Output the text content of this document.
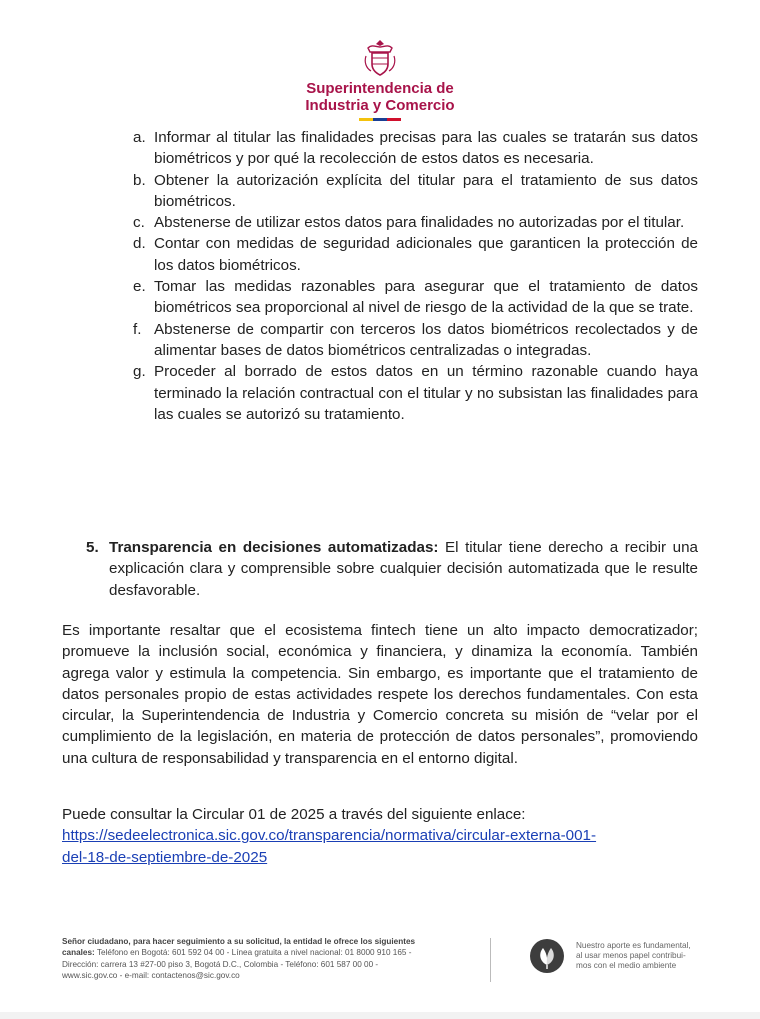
Superintendencia de
Industria y Comercio
a. Informar al titular las finalidades precisas para las cuales se tratarán sus datos biométricos y por qué la recolección de estos datos es necesaria.
b. Obtener la autorización explícita del titular para el tratamiento de sus datos biométricos.
c. Abstenerse de utilizar estos datos para finalidades no autorizadas por el titular.
d. Contar con medidas de seguridad adicionales que garanticen la protección de los datos biométricos.
e. Tomar las medidas razonables para asegurar que el tratamiento de datos biométricos sea proporcional al nivel de riesgo de la actividad de la que se trate.
f. Abstenerse de compartir con terceros los datos biométricos recolectados y de alimentar bases de datos biométricos centralizadas o integradas.
g. Proceder al borrado de estos datos en un término razonable cuando haya terminado la relación contractual con el titular y no subsistan las finalidades para las cuales se autorizó su tratamiento.
5. Transparencia en decisiones automatizadas: El titular tiene derecho a recibir una explicación clara y comprensible sobre cualquier decisión automatizada que le resulte desfavorable.
Es importante resaltar que el ecosistema fintech tiene un alto impacto democratizador; promueve la inclusión social, económica y financiera, y dinamiza la economía. También agrega valor y estimula la competencia. Sin embargo, es importante que el tratamiento de datos personales propio de estas actividades respete los derechos fundamentales. Con esta circular, la Superintendencia de Industria y Comercio concreta su misión de “velar por el cumplimiento de la legislación, en materia de protección de datos personales”, promoviendo una cultura de responsabilidad y transparencia en el entorno digital.
Puede consultar la Circular 01 de 2025 a través del siguiente enlace:
https://sedeelectronica.sic.gov.co/transparencia/normativa/circular-externa-001-
del-18-de-septiembre-de-2025
Señor ciudadano, para hacer seguimiento a su solicitud, la entidad le ofrece los siguientes
canales: Teléfono en Bogotá: 601 592 04 00 - Línea gratuita a nivel nacional: 01 8000 910 165 -
Dirección: carrera 13 #27-00 piso 3, Bogotá D.C., Colombia - Teléfono: 601 587 00 00 -
www.sic.gov.co - e-mail: contactenos@sic.gov.co
Nuestro aporte es fundamental,
al usar menos papel contribui-
mos con el medio ambiente
